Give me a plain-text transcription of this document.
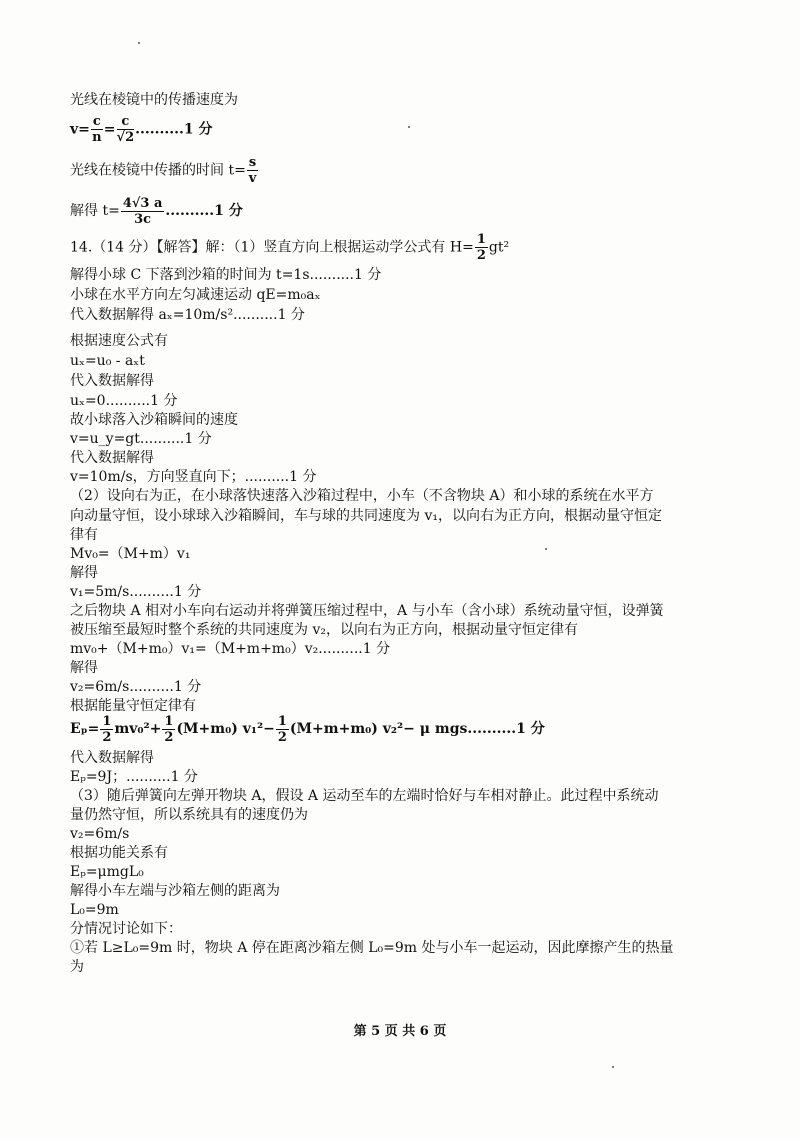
光线在棱镜中的传播速度为
$v= \frac{c}{n} = \frac{c}{√2} ..........1$ 分
光线在棱镜中传播的时间 $t= \frac{s}{v}$
解得 $t= \frac{4√3 a}{3c} ..........1$ 分
14.（14 分）【解答】解：（1）竖直方向上根据运动学公式有 $H= \frac{1}{2} gt^2$
解得小球 C 下落到沙箱的时间为 t=1s..........1 分
小球在水平方向左匀减速运动 qE=m₀aₓ
代入数据解得 aₓ=10m/s²..........1 分
根据速度公式有
uₓ=u₀ - aₓt
代入数据解得
uₓ=0..........1 分
故小球落入沙箱瞬间的速度
v=u_y=gt..........1 分
代入数据解得
v=10m/s，方向竖直向下；..........1 分
（2）设向右为正，在小球落快速落入沙箱过程中，小车（不含物块 A）和小球的系统在水平方
向动量守恒，设小球球入沙箱瞬间，车与球的共同速度为 v₁，以向右为正方向，根据动量守恒定
律有
Mv₀=（M+m）v₁
解得
v₁=5m/s..........1 分
之后物块 A 相对小车向右运动并将弹簧压缩过程中，A 与小车（含小球）系统动量守恒，设弹簧
被压缩至最短时整个系统的共同速度为 v₂，以向右为正方向，根据动量守恒定律有
mv₀+（M+m₀）v₁=（M+m+m₀）v₂..........1 分
解得
v₂=6m/s..........1 分
根据能量守恒定律有
$E_p= \frac{1}{2} mv_0^2+ \frac{1}{2} (M+m_0)$ $v_1^2- \frac{1}{2} (M+m+m_0)$ v₂²− μ mgs..........1 分
代入数据解得
Eₚ=9J；..........1 分
（3）随后弹簧向左弹开物块 A，假设 A 运动至车的左端时恰好与车相对静止。此过程中系统动
量仍然守恒，所以系统具有的速度仍为
v₂=6m/s
根据功能关系有
Eₚ=μmgL₀
解得小车左端与沙箱左侧的距离为
L₀=9m
分情况讨论如下：
①若 L≥L₀=9m 时，物块 A 停在距离沙箱左侧 L₀=9m 处与小车一起运动，因此摩擦产生的热量
为
第 5 页 共 6 页
